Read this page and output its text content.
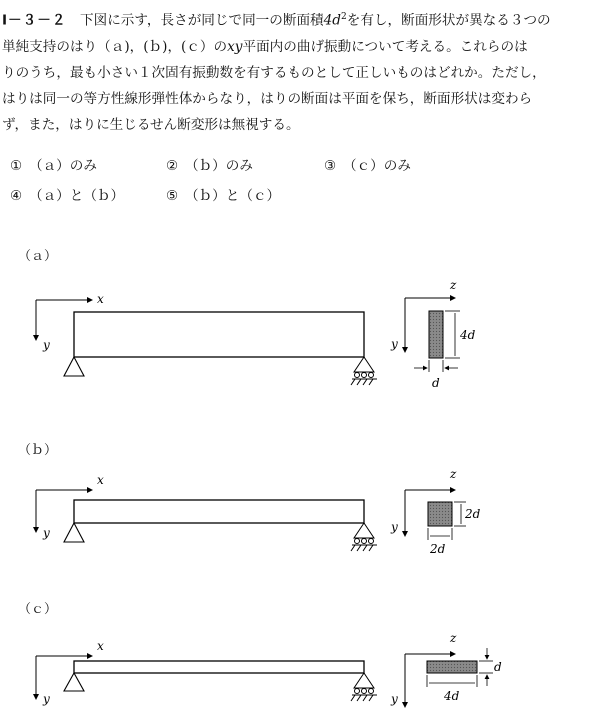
Ⅰ－３－２　 下図に示す，長さが同じで同一の断面積$4d^2$を有し，断面形状が異なる３つの

単純支持のはり（ａ)，(ｂ)，(ｃ）のxy平面内の曲げ振動について考える。これらのは

りのうち，最も小さい１次固有振動数を有するものとして正しいものはどれか。ただし，

はりは同一の等方性線形弾性体からなり，はりの断面は平面を保ち，断面形状は変わら

ず，また，はりに生じるせん断変形は無視する。

①　 （ａ）のみ	②　 （ｂ）のみ	③　 （ｃ）のみ
④　 （ａ）と（ｂ）	⑤　 （ｂ）と（ｃ）
（ａ）
（ｂ）
（ｃ）
x
y
z
y
4d
d
x
y
z
y
2d
2d
x
y
z
y
d
4d
